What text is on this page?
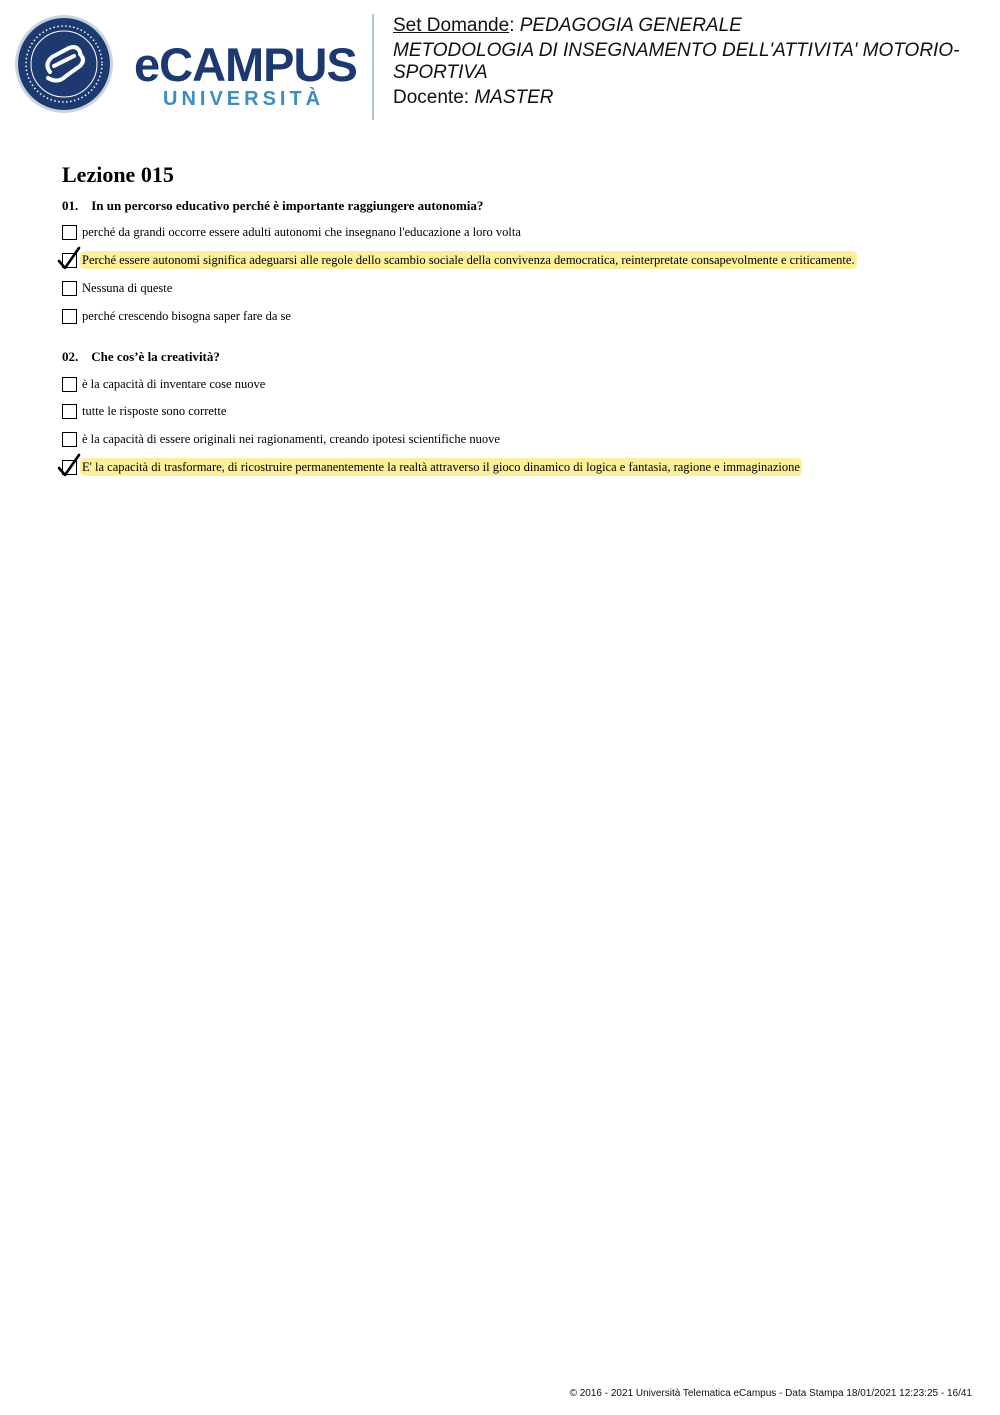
eCAMPUS
UNIVERSITÀ
Set Domande: PEDAGOGIA GENERALE
METODOLOGIA DI INSEGNAMENTO DELL'ATTIVITA' MOTORIO-SPORTIVA
Docente: MASTER
Lezione 015
01. In un percorso educativo perché è importante raggiungere autonomia?
perché da grandi occorre essere adulti autonomi che insegnano l'educazione a loro volta
Perché essere autonomi significa adeguarsi alle regole dello scambio sociale della convivenza democratica, reinterpretate consapevolmente e criticamente.
Nessuna di queste
perché crescendo bisogna saper fare da se
02. Che cos’è la creatività?
è la capacità di inventare cose nuove
tutte le risposte sono corrette
è la capacità di essere originali nei ragionamenti, creando ipotesi scientifiche nuove
E' la capacità di trasformare, di ricostruire permanentemente la realtà attraverso il gioco dinamico di logica e fantasia, ragione e immaginazione
© 2016 - 2021 Università Telematica eCampus - Data Stampa 18/01/2021 12:23:25 - 16/41
